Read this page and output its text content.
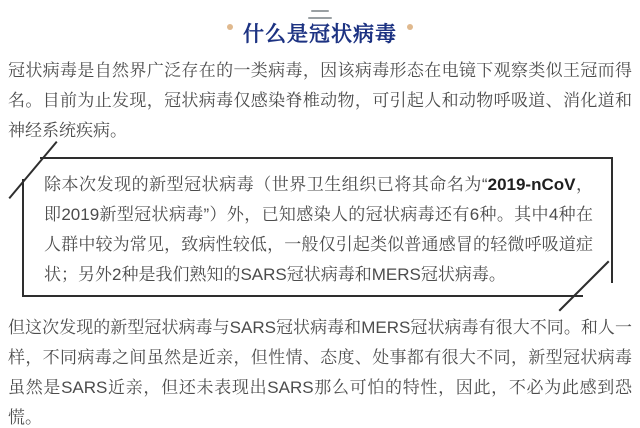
什么是冠状病毒

冠状病毒是自然界广泛存在的一类病毒，因该病毒形态在电镜下观察类似王冠而得名。目前为止发现，冠状病毒仅感染脊椎动物，可引起人和动物呼吸道、消化道和神经系统疾病。

除本次发现的新型冠状病毒（世界卫生组织已将其命名为“2019-nCoV，即2019新型冠状病毒”）外，已知感染人的冠状病毒还有6种。其中4种在人群中较为常见，致病性较低，一般仅引起类似普通感冒的轻微呼吸道症状；另外2种是我们熟知的SARS冠状病毒和MERS冠状病毒。

但这次发现的新型冠状病毒与SARS冠状病毒和MERS冠状病毒有很大不同。和人一样，不同病毒之间虽然是近亲，但性情、态度、处事都有很大不同，新型冠状病毒虽然是SARS近亲，但还未表现出SARS那么可怕的特性，因此，不必为此感到恐慌。
